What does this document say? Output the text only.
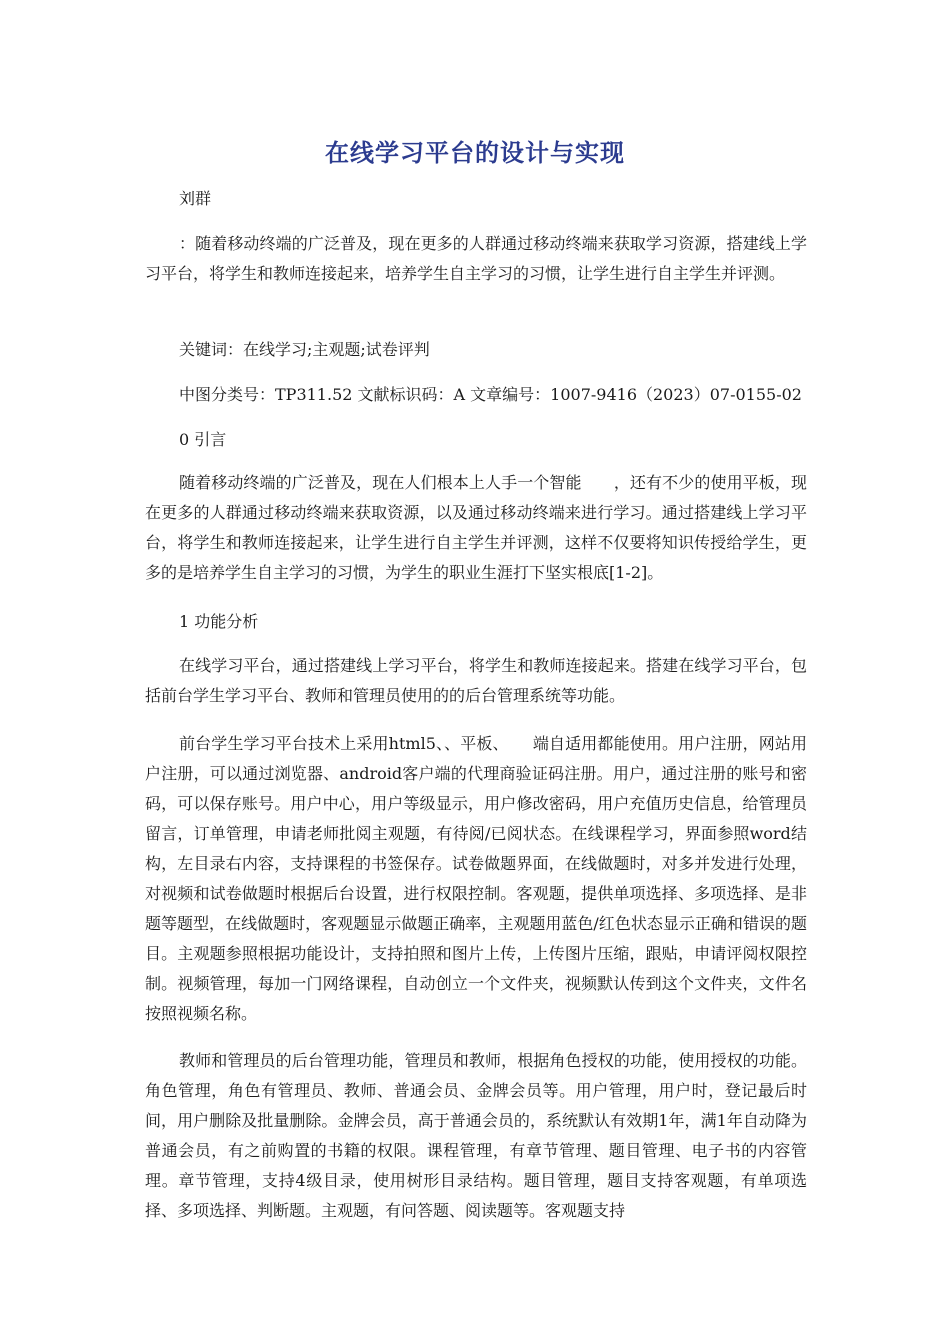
在线学习平台的设计与实现
刘群
：随着移动终端的广泛普及，现在更多的人群通过移动终端来获取学习资源，搭建线上学习平台，将学生和教师连接起来，培养学生自主学习的习惯，让学生进行自主学生并评测。
关键词：在线学习;主观题;试卷评判
中图分类号：TP311.52 文献标识码：A 文章编号：1007-9416（2023）07-0155-02
0 引言
随着移动终端的广泛普及，现在人们根本上人手一个智能　　，还有不少的使用平板，现在更多的人群通过移动终端来获取资源，以及通过移动终端来进行学习。通过搭建线上学习平台，将学生和教师连接起来，让学生进行自主学生并评测，这样不仅要将知识传授给学生，更多的是培养学生自主学习的习惯，为学生的职业生涯打下坚实根底[1-2]。
1 功能分析
在线学习平台，通过搭建线上学习平台，将学生和教师连接起来。搭建在线学习平台，包括前台学生学习平台、教师和管理员使用的的后台管理系统等功能。
前台学生学习平台技术上采用html5、、平板、　　端自适用都能使用。用户注册，网站用户注册，可以通过浏览器、android客户端的代理商验证码注册。用户，通过注册的账号和密码，可以保存账号。用户中心，用户等级显示，用户修改密码，用户充值历史信息，给管理员留言，订单管理，申请老师批阅主观题，有待阅/已阅状态。在线课程学习，界面参照word结构，左目录右内容，支持课程的书签保存。试卷做题界面，在线做题时，对多并发进行处理，对视频和试卷做题时根据后台设置，进行权限控制。客观题，提供单项选择、多项选择、是非题等题型，在线做题时，客观题显示做题正确率，主观题用蓝色/红色状态显示正确和错误的题目。主观题参照根据功能设计，支持拍照和图片上传，上传图片压缩，跟贴，申请评阅权限控制。视频管理，每加一门网络课程，自动创立一个文件夹，视频默认传到这个文件夹，文件名按照视频名称。
教师和管理员的后台管理功能，管理员和教师，根据角色授权的功能，使用授权的功能。角色管理，角色有管理员、教师、普通会员、金牌会员等。用户管理，用户时，登记最后时间，用户删除及批量删除。金牌会员，高于普通会员的，系统默认有效期1年，满1年自动降为普通会员，有之前购置的书籍的权限。课程管理，有章节管理、题目管理、电子书的内容管理。章节管理，支持4级目录，使用树形目录结构。题目管理，题目支持客观题，有单项选择、多项选择、判断题。主观题，有问答题、阅读题等。客观题支持
